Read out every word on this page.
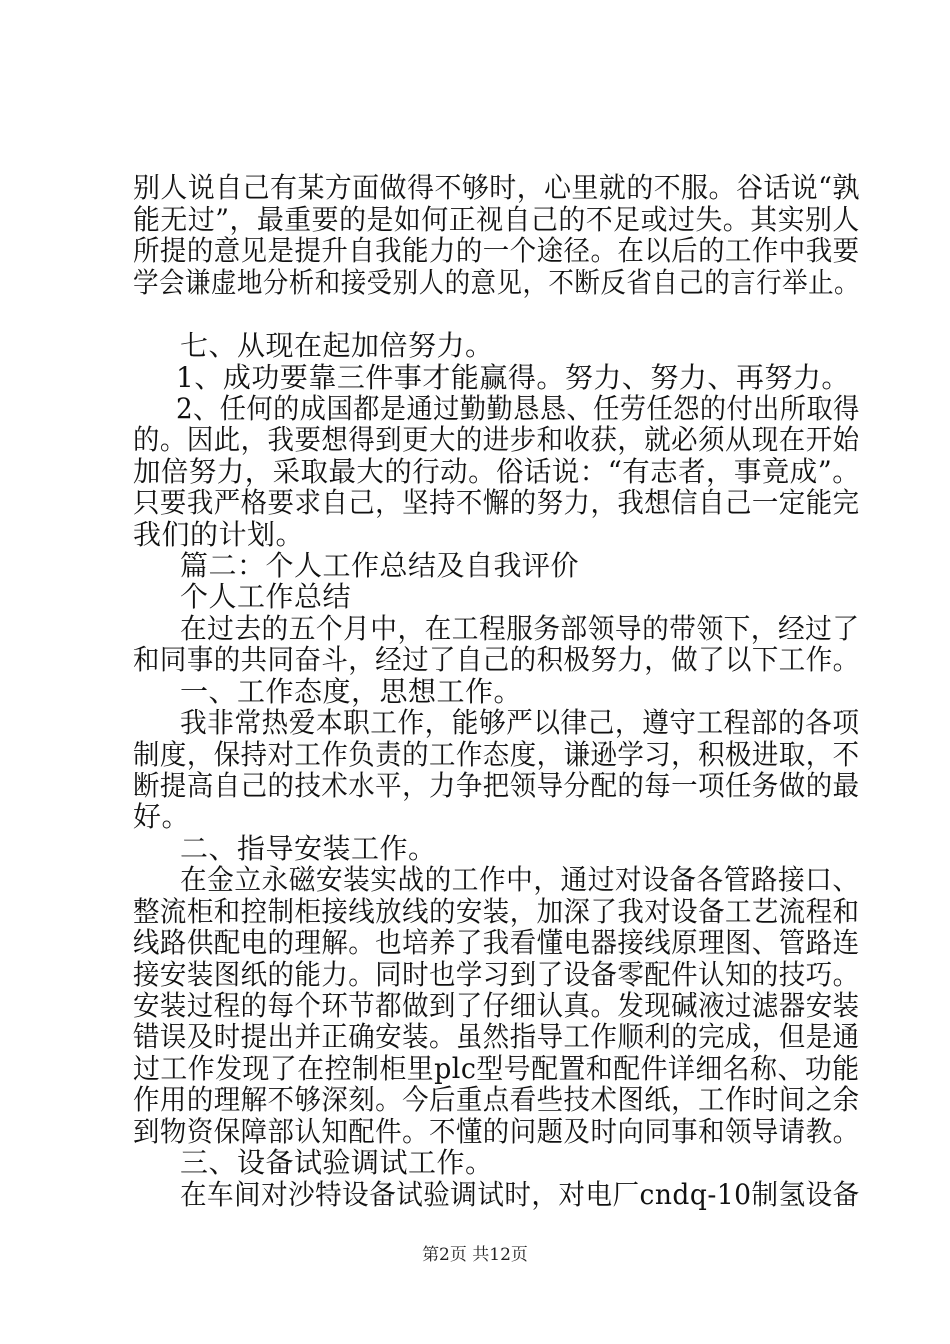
别人说自己有某方面做得不够时，心里就的不服。谷话说“孰
能无过”，最重要的是如何正视自己的不足或过失。其实别人
所提的意见是提升自我能力的一个途径。在以后的工作中我要
学会谦虚地分析和接受别人的意见，不断反省自己的言行举止。
七、从现在起加倍努力。
1、成功要靠三件事才能赢得。努力、努力、再努力。
2、任何的成国都是通过勤勤恳恳、任劳任怨的付出所取得
的。因此，我要想得到更大的进步和收获，就必须从现在开始
加倍努力，采取最大的行动。俗话说：“有志者，事竟成”。
只要我严格要求自己，坚持不懈的努力，我想信自己一定能完
我们的计划。
篇二：个人工作总结及自我评价
个人工作总结
在过去的五个月中，在工程服务部领导的带领下，经过了
和同事的共同奋斗，经过了自己的积极努力，做了以下工作。
一、工作态度，思想工作。
我非常热爱本职工作，能够严以律己，遵守工程部的各项
制度，保持对工作负责的工作态度，谦逊学习，积极进取，不
断提高自己的技术水平，力争把领导分配的每一项任务做的最
好。
二、指导安装工作。
在金立永磁安装实战的工作中，通过对设备各管路接口、
整流柜和控制柜接线放线的安装，加深了我对设备工艺流程和
线路供配电的理解。也培养了我看懂电器接线原理图、管路连
接安装图纸的能力。同时也学习到了设备零配件认知的技巧。
安装过程的每个环节都做到了仔细认真。发现碱液过滤器安装
错误及时提出并正确安装。虽然指导工作顺利的完成，但是通
过工作发现了在控制柜里plc型号配置和配件详细名称、功能
作用的理解不够深刻。今后重点看些技术图纸，工作时间之余
到物资保障部认知配件。不懂的问题及时向同事和领导请教。
三、设备试验调试工作。
在车间对沙特设备试验调试时，对电厂cndq-10制氢设备
第2页 共12页
